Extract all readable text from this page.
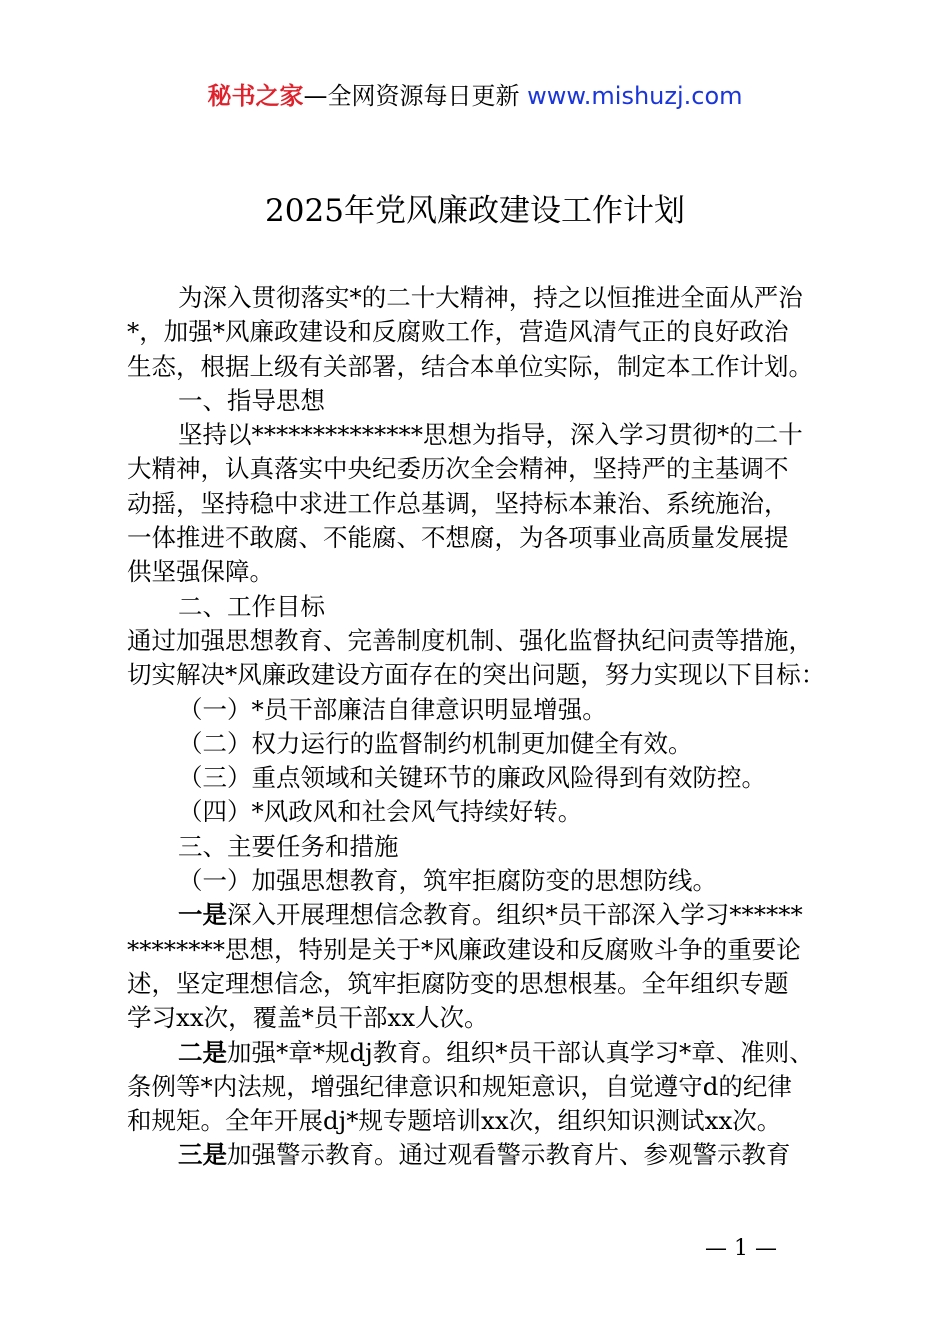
秘书之家—全网资源每日更新 www.mishuzj.com
2025年党风廉政建设工作计划
为深入贯彻落实*的二十大精神，持之以恒推进全面从严治
*，加强*风廉政建设和反腐败工作，营造风清气正的良好政治
生态，根据上级有关部署，结合本单位实际，制定本工作计划。
一、指导思想
坚持以**************思想为指导，深入学习贯彻*的二十
大精神，认真落实中央纪委历次全会精神，坚持严的主基调不
动摇，坚持稳中求进工作总基调，坚持标本兼治、系统施治，
一体推进不敢腐、不能腐、不想腐，为各项事业高质量发展提
供坚强保障。
二、工作目标
通过加强思想教育、完善制度机制、强化监督执纪问责等措施，
切实解决*风廉政建设方面存在的突出问题，努力实现以下目标：
（一）*员干部廉洁自律意识明显增强。
（二）权力运行的监督制约机制更加健全有效。
（三）重点领域和关键环节的廉政风险得到有效防控。
（四）*风政风和社会风气持续好转。
三、主要任务和措施
（一）加强思想教育，筑牢拒腐防变的思想防线。
一是深入开展理想信念教育。组织*员干部深入学习******
********思想，特别是关于*风廉政建设和反腐败斗争的重要论
述，坚定理想信念，筑牢拒腐防变的思想根基。全年组织专题
学习xx次，覆盖*员干部xx人次。
二是加强*章*规dj教育。组织*员干部认真学习*章、准则、
条例等*内法规，增强纪律意识和规矩意识，自觉遵守d的纪律
和规矩。全年开展dj*规专题培训xx次，组织知识测试xx次。
三是加强警示教育。通过观看警示教育片、参观警示教育
— 1 —
